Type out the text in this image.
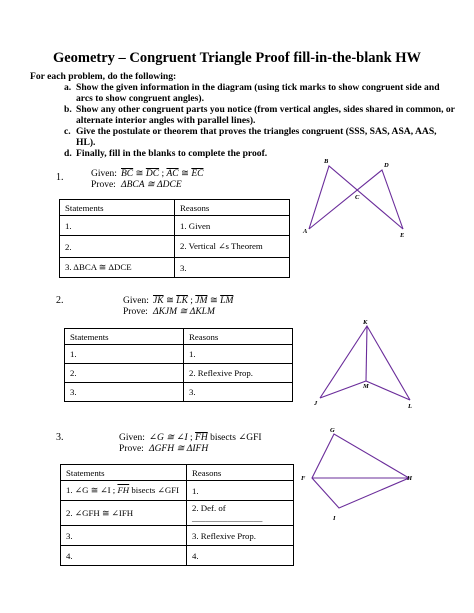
Geometry – Congruent Triangle Proof fill-in-the-blank HW
For each problem, do the following:
a. Show the given information in the diagram (using tick marks to show congruent side and arcs to show congruent angles).
b. Show any other congruent parts you notice (from vertical angles, sides shared in common, or alternate interior angles with parallel lines).
c. Give the postulate or theorem that proves the triangles congruent (SSS, SAS, ASA, AAS, HL).
d. Finally, fill in the blanks to complete the proof.
1.	Given: $\overline{BC}$ ≅ $\overline{DC}$ ; $\overline{AC}$ ≅ $\overline{EC}$
Prove: ΔBCA ≅ ΔDCE
Statements	Reasons
1.	1. Given
2.	2. Vertical ∠s Theorem
3. ΔBCA ≅ ΔDCE	3.
B
D
C
A
E
2.	Given: $\overline{JK}$ ≅ $\overline{LK}$ ; $\overline{JM}$ ≅ $\overline{LM}$
Prove: ΔKJM ≅ ΔKLM
Statements	Reasons
1.	1.
2.	2. Reflexive Prop.
3.	3.
K
M
J	L
3.	Given: ∠G ≅ ∠I ; $\overline{FH}$ bisects ∠GFI
Prove: ΔGFH ≅ ΔIFH
Statements	Reasons
1. ∠G ≅ ∠I ; $\overline{FH}$ bisects ∠GFI	1.
2. ∠GFH ≅ ∠IFH	2. Def. of ________________
3.	3. Reflexive Prop.
4.	4.
G
F	H
I
